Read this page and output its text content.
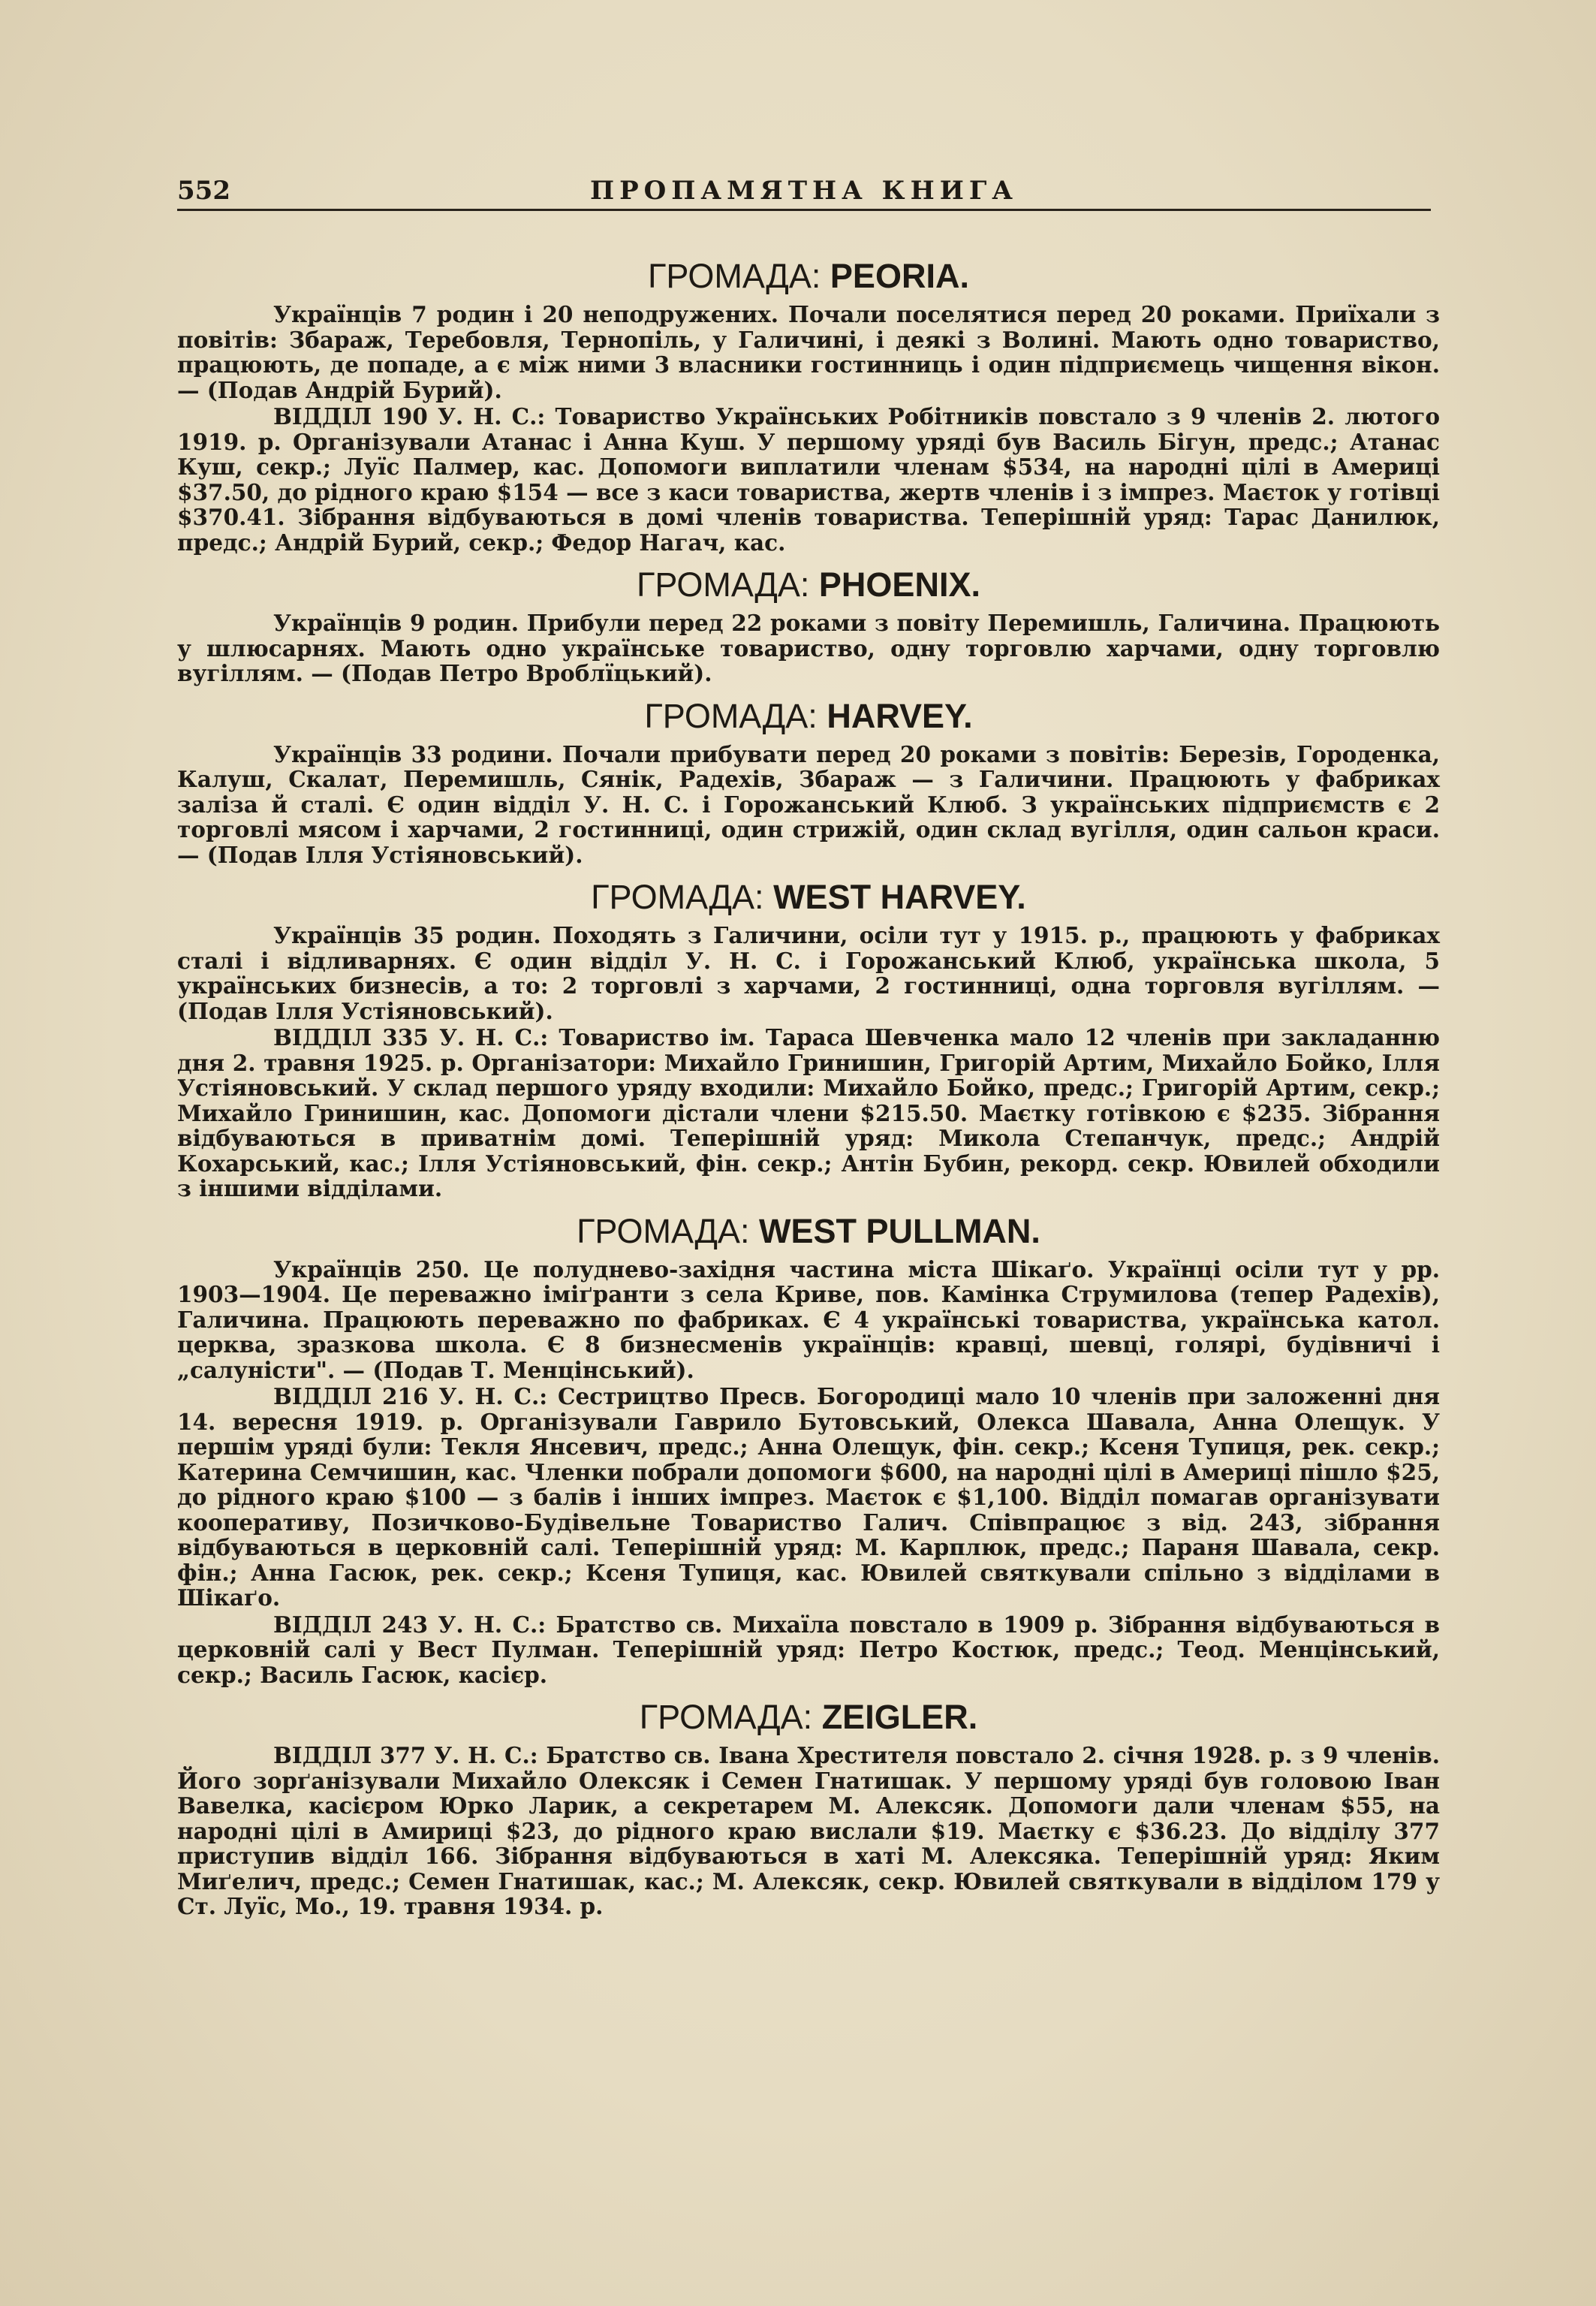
552	ПРОПАМЯТНА КНИГА
ГРОМАДА: PEORIA.

Українців 7 родин і 20 неподружених. Почали поселятися перед 20 роками. Приїхали з повітів: Збараж, Теребовля, Тернопіль, у Галичині, і деякі з Волині. Мають одно товариство, працюють, де попаде, а є між ними 3 власники гостинниць і один підприємець чищення вікон. — (Подав Андрій Бурий).

ВІДДІЛ 190 У. Н. С.: Товариство Українських Робітників повстало з 9 членів 2. лютого 1919. р. Організували Атанас і Анна Куш. У першому уряді був Василь Бігун, предс.; Атанас Куш, секр.; Луїс Палмер, кас. Допомоги виплатили членам $534, на народні цілі в Америці $37.50, до рідного краю $154 — все з каси товариства, жертв членів і з імпрез. Маєток у готівці $370.41. Зібрання відбуваються в домі членів товариства. Теперішній уряд: Тарас Данилюк, предс.; Андрій Бурий, секр.; Федор Нагач, кас.

ГРОМАДА: PHOENIX.

Українців 9 родин. Прибули перед 22 роками з повіту Перемишль, Галичина. Працюють у шлюсарнях. Мають одно українське товариство, одну торговлю харчами, одну торговлю вугіллям. — (Подав Петро Вроблїцький).

ГРОМАДА: HARVEY.

Українців 33 родини. Почали прибувати перед 20 роками з повітів: Березів, Городенка, Калуш, Скалат, Перемишль, Сянік, Радехів, Збараж — з Галичини. Працюють у фабриках заліза й сталі. Є один відділ У. Н. С. і Горожанський Клюб. З українських підприємств є 2 торговлі мясом і харчами, 2 гостинниці, один стрижій, один склад вугілля, один сальон краси. — (Подав Ілля Устіяновський).

ГРОМАДА: WEST HARVEY.

Українців 35 родин. Походять з Галичини, осіли тут у 1915. р., працюють у фабриках сталі і відливарнях. Є один відділ У. Н. С. і Горожанський Клюб, українська школа, 5 українських бизнесів, а то: 2 торговлі з харчами, 2 гостинниці, одна торговля вугіллям. — (Подав Ілля Устіяновський).

ВІДДІЛ 335 У. Н. С.: Товариство ім. Тараса Шевченка мало 12 членів при закладанню дня 2. травня 1925. р. Організатори: Михайло Гринишин, Григорій Артим, Михайло Бойко, Ілля Устіяновський. У склад першого уряду входили: Михайло Бойко, предс.; Григорій Артим, секр.; Михайло Гринишин, кас. Допомоги дістали члени $215.50. Маєтку готівкою є $235. Зібрання відбуваються в приватнім домі. Теперішній уряд: Микола Степанчук, предс.; Андрій Кохарський, кас.; Ілля Устіяновський, фін. секр.; Антін Бубин, рекорд. секр. Ювилей обходили з іншими відділами.

ГРОМАДА: WEST PULLMAN.

Українців 250. Це полудневo-західня частина міста Шікаґо. Українці осіли тут у рр. 1903—1904. Це переважно іміґранти з села Криве, пов. Камінка Струмилова (тепер Радехів), Галичина. Працюють переважно по фабриках. Є 4 українські товариства, українська катол. церква, зразкова школа. Є 8 бизнесменів українців: кравці, шевці, голярі, будівничі і „салуністи". — (Подав Т. Менцінський).

ВІДДІЛ 216 У. Н. С.: Сестрицтво Пресв. Богородиці мало 10 членів при заложенні дня 14. вересня 1919. р. Організували Гаврило Бутовський, Олекса Шавала, Анна Олещук. У першім уряді були: Текля Янсевич, предс.; Анна Олещук, фін. секр.; Ксеня Тупиця, рек. секр.; Катерина Семчишин, кас. Членки побрали допомоги $600, на народні цілі в Америці пішло $25, до рідного краю $100 — з балів і інших імпрез. Маєток є $1,100. Відділ помагав організувати кооперативу, Позичково-Будівельне Товариство Галич. Співпрацює з від. 243, зібрання відбуваються в церковній салі. Теперішній уряд: М. Карплюк, предс.; Параня Шавала, секр. фін.; Анна Гасюк, рек. секр.; Ксеня Тупиця, кас. Ювилей святкували спільно з відділами в Шікаґо.

ВІДДІЛ 243 У. Н. С.: Братство св. Михаїла повстало в 1909 р. Зібрання відбуваються в церковній салі у Вест Пулман. Теперішній уряд: Петро Костюк, предс.; Теод. Менцінський, секр.; Василь Гасюк, касієр.

ГРОМАДА: ZEIGLER.

ВІДДІЛ 377 У. Н. С.: Братство св. Івана Хрестителя повстало 2. січня 1928. р. з 9 членів. Його зорґанізували Михайло Олексяк і Семен Гнатишак. У першому уряді був головою Іван Вавелка, касієром Юрко Ларик, а секретарем М. Алексяк. Допомоги дали членам $55, на народні цілі в Амириці $23, до рідного краю вислали $19. Маєтку є $36.23. До відділу 377 приступив відділ 166. Зібрання відбуваються в хаті М. Алексяка. Теперішній уряд: Яким Миґелич, предс.; Семен Гнатишак, кас.; М. Алексяк, секр. Ювилей святкували в відділом 179 у Ст. Луїс, Мо., 19. травня 1934. р.
